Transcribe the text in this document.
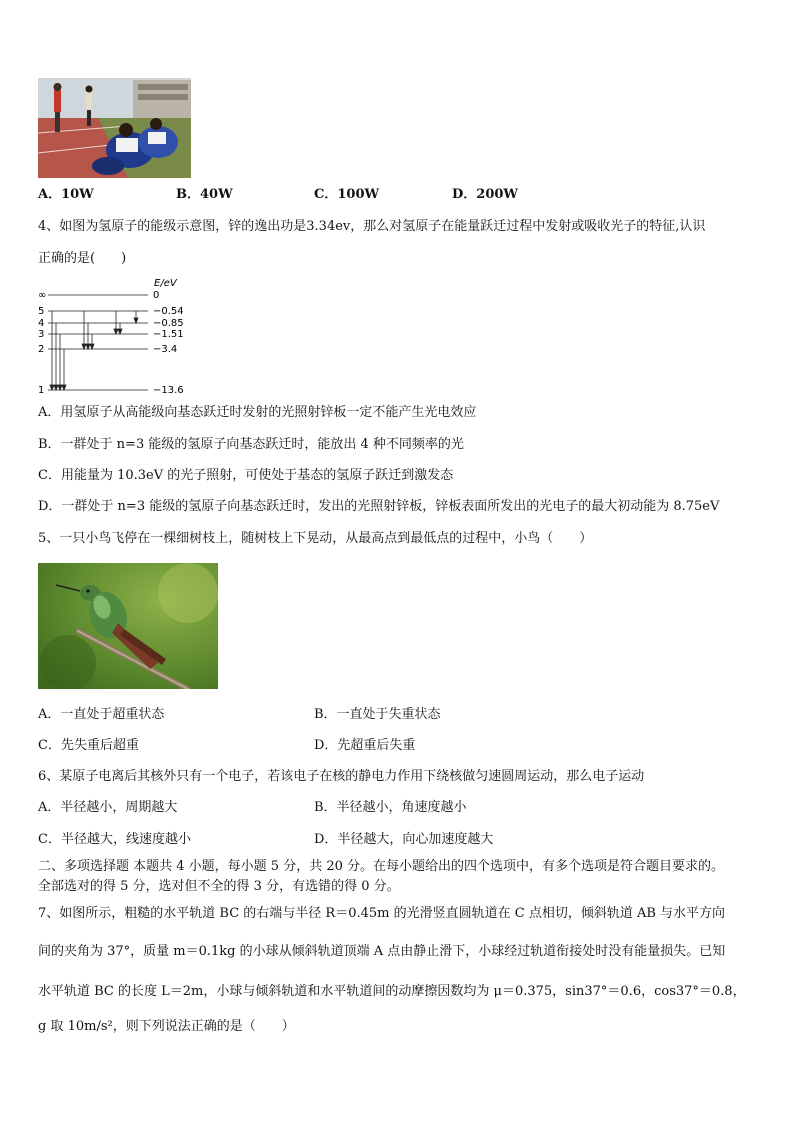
A．10W	B．40W	C．100W	D．200W
4、如图为氢原子的能级示意图，锌的逸出功是3.34ev，那么对氢原子在能量跃迁过程中发射或吸收光子的特征,认识
正确的是(　　)
E/eV
∞
5
4
3
2
1
0
−0.54
−0.85
−1.51
−3.4
−13.6
A．用氢原子从高能级向基态跃迁时发射的光照射锌板一定不能产生光电效应
B．一群处于 n=3 能级的氢原子向基态跃迁时，能放出 4 种不同频率的光
C．用能量为 10.3eV 的光子照射，可使处于基态的氢原子跃迁到激发态
D．一群处于 n=3 能级的氢原子向基态跃迁时，发出的光照射锌板，锌板表面所发出的光电子的最大初动能为 8.75eV
5、一只小鸟飞停在一棵细树枝上，随树枝上下晃动，从最高点到最低点的过程中，小鸟（　　）
A．一直处于超重状态	B．一直处于失重状态
C．先失重后超重	D．先超重后失重
6、某原子电离后其核外只有一个电子，若该电子在核的静电力作用下绕核做匀速圆周运动，那么电子运动
A．半径越小，周期越大	B．半径越小，角速度越小
C．半径越大，线速度越小	D．半径越大，向心加速度越大
二、多项选择题 本题共 4 小题，每小题 5 分，共 20 分。在每小题给出的四个选项中，有多个选项是符合题目要求的。
全部选对的得 5 分，选对但不全的得 3 分，有选错的得 0 分。
7、如图所示，粗糙的水平轨道 BC 的右端与半径 R＝0.45m 的光滑竖直圆轨道在 C 点相切，倾斜轨道 AB 与水平方向
间的夹角为 37°，质量 m＝0.1kg 的小球从倾斜轨道顶端 A 点由静止滑下，小球经过轨道衔接处时没有能量损失。已知
水平轨道 BC 的长度 L＝2m，小球与倾斜轨道和水平轨道间的动摩擦因数均为 μ＝0.375，sin37°＝0.6，cos37°＝0.8，
g 取 10m/s²，则下列说法正确的是（　　）
